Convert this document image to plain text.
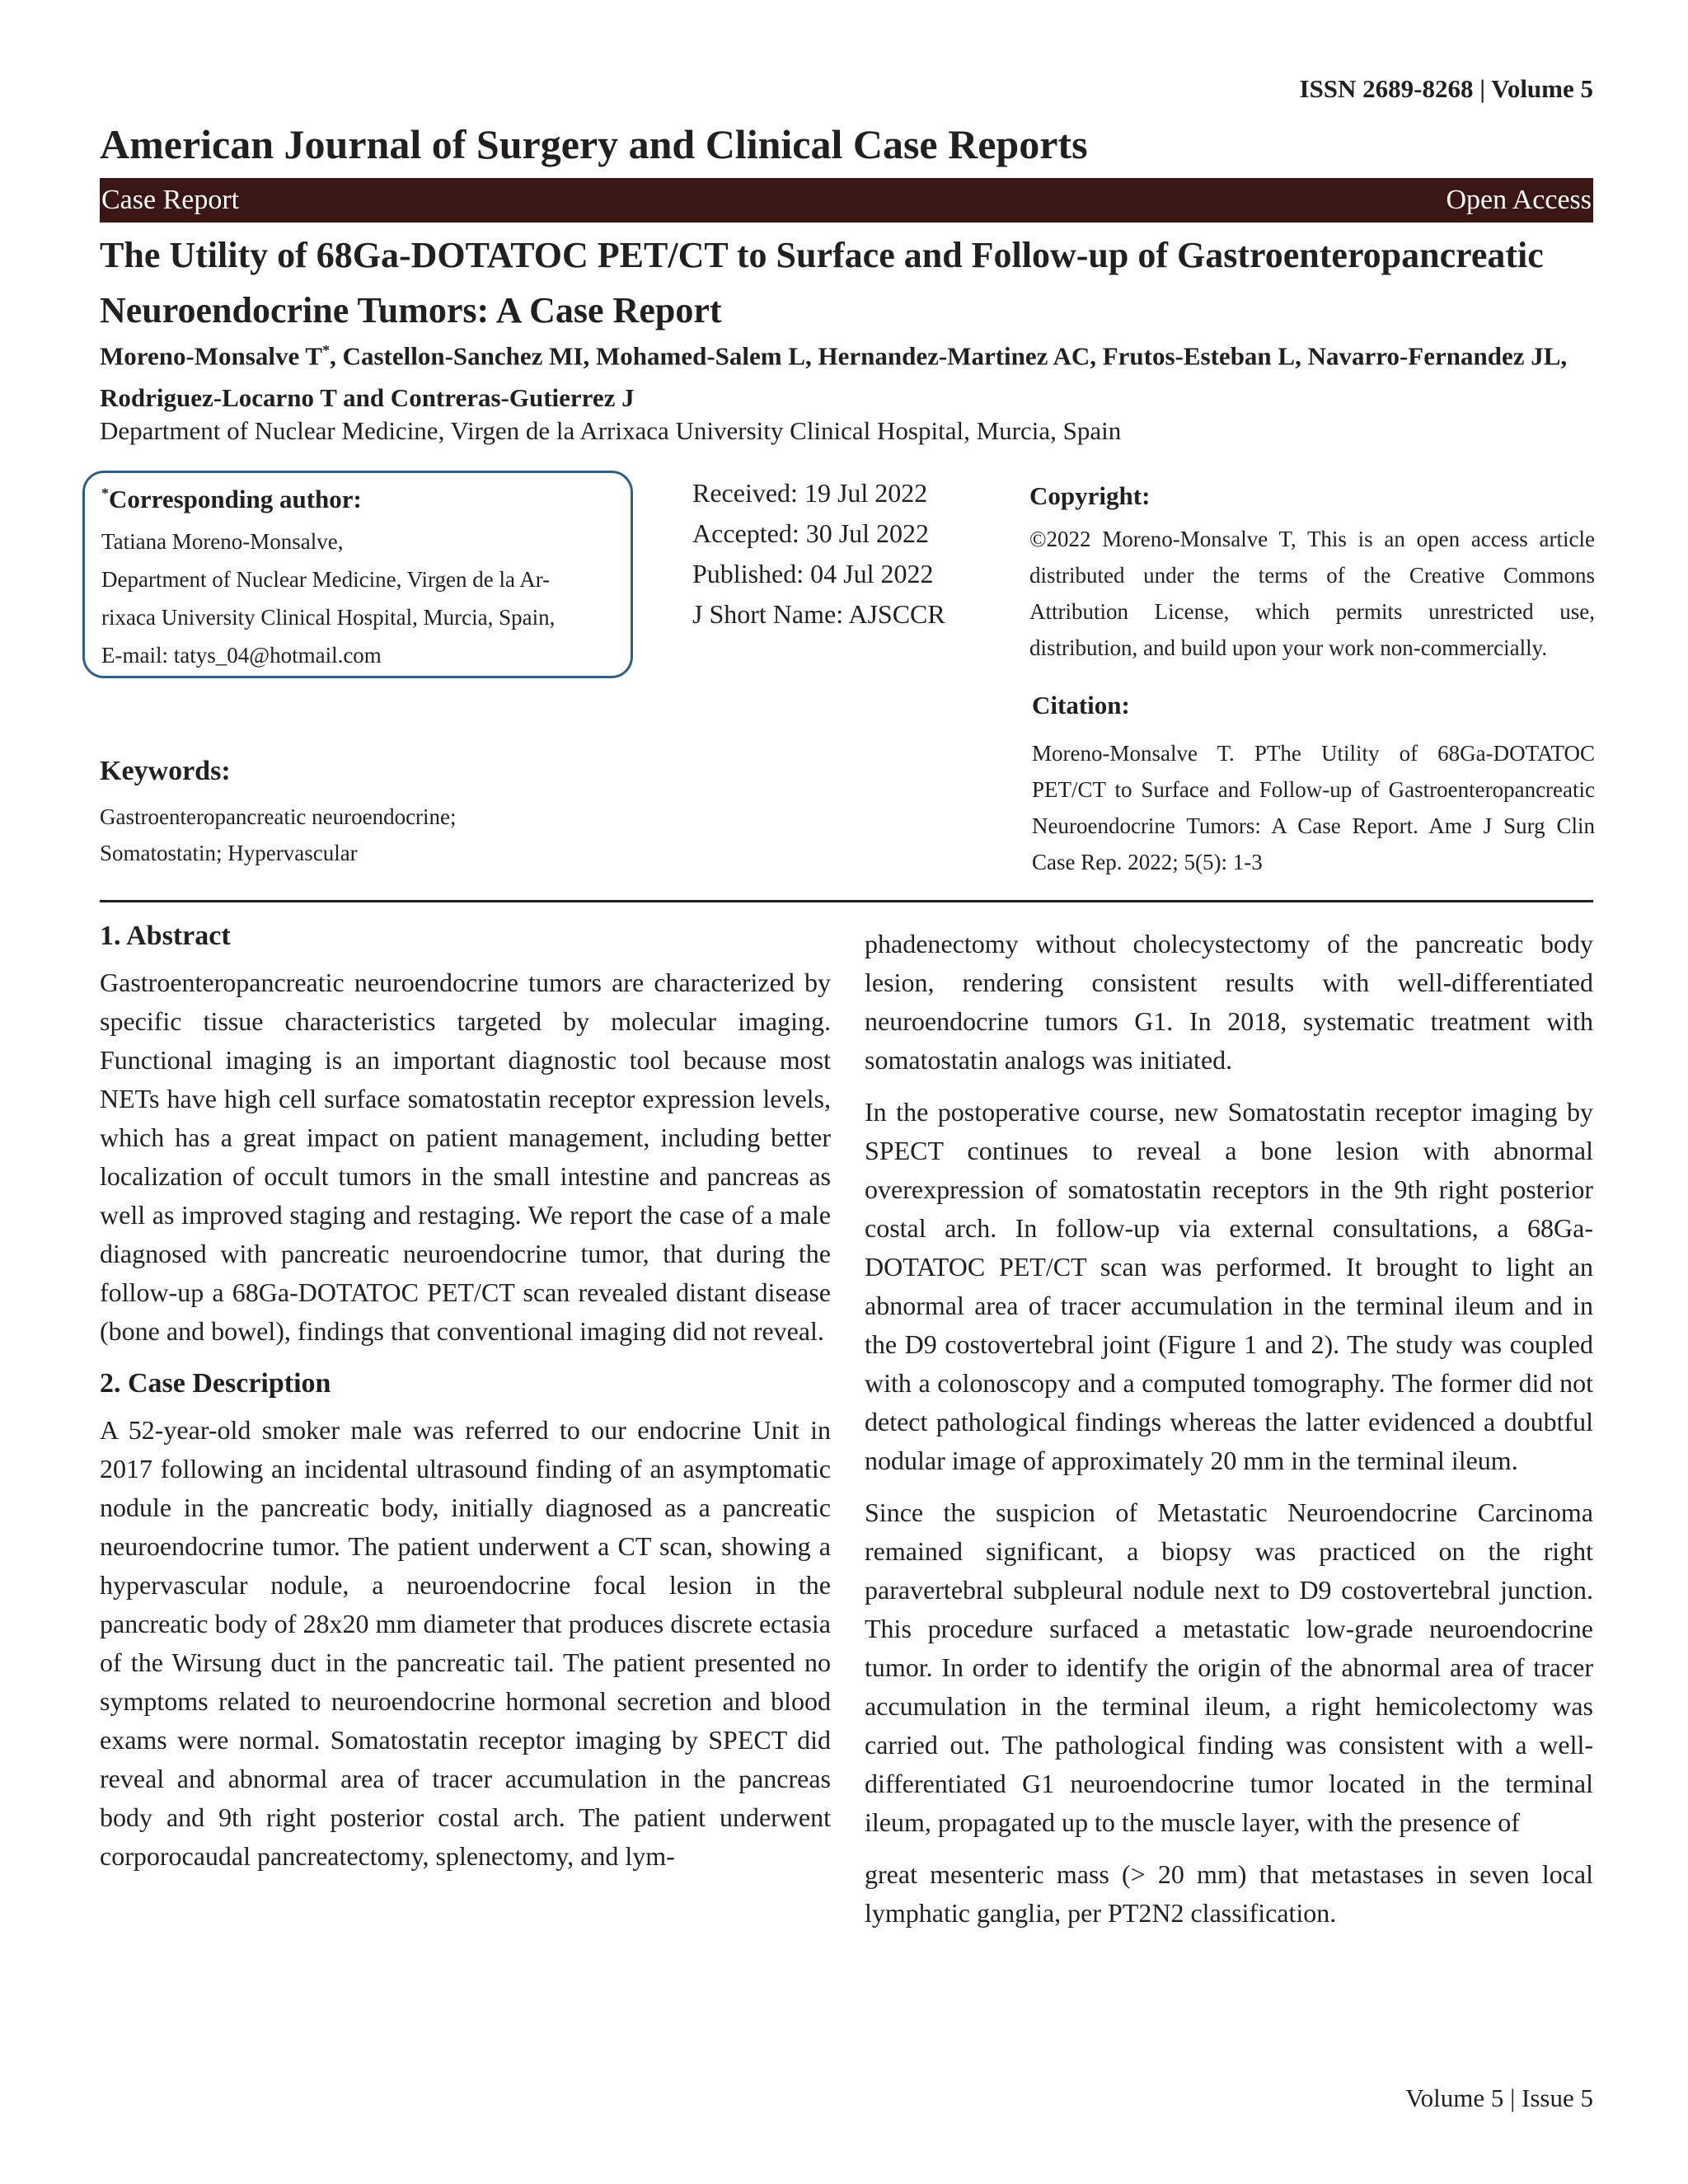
ISSN 2689-8268 | Volume 5
American Journal of Surgery and Clinical Case Reports
Case Report	Open Access
The Utility of 68Ga-DOTATOC PET/CT to Surface and Follow-up of Gastroenteropancreatic Neuroendocrine Tumors: A Case Report
Moreno-Monsalve T*, Castellon-Sanchez MI, Mohamed-Salem L, Hernandez-Martinez AC, Frutos-Esteban L, Navarro-Fernandez JL, Rodriguez-Locarno T and Contreras-Gutierrez J
Department of Nuclear Medicine, Virgen de la Arrixaca University Clinical Hospital, Murcia, Spain
*Corresponding author:
Tatiana Moreno-Monsalve,
Department of Nuclear Medicine, Virgen de la Ar-
rixaca University Clinical Hospital, Murcia, Spain,
E-mail: tatys_04@hotmail.com
Received: 19 Jul 2022
Accepted: 30 Jul 2022
Published: 04 Jul 2022
J Short Name: AJSCCR
Copyright:
©2022 Moreno-Monsalve T, This is an open access article distributed under the terms of the Creative Commons Attribution License, which permits unrestricted use, distribution, and build upon your work non-commercially.
Citation:
Moreno-Monsalve T. PThe Utility of 68Ga-DOTATOC PET/CT to Surface and Follow-up of Gastroenteropancreatic Neuroendocrine Tumors: A Case Report. Ame J Surg Clin Case Rep. 2022; 5(5): 1-3
Keywords:
Gastroenteropancreatic neuroendocrine;
Somatostatin; Hypervascular
1. Abstract

Gastroenteropancreatic neuroendocrine tumors are characterized by specific tissue characteristics targeted by molecular imaging. Functional imaging is an important diagnostic tool because most NETs have high cell surface somatostatin receptor expression levels, which has a great impact on patient management, including better localization of occult tumors in the small intestine and pancreas as well as improved staging and restaging. We report the case of a male diagnosed with pancreatic neuroendocrine tumor, that during the follow-up a 68Ga-DOTATOC PET/CT scan revealed distant disease (bone and bowel), findings that conventional imaging did not reveal.

2. Case Description

A 52-year-old smoker male was referred to our endocrine Unit in 2017 following an incidental ultrasound finding of an asymptomatic nodule in the pancreatic body, initially diagnosed as a pancreatic neuroendocrine tumor. The patient underwent a CT scan, showing a hypervascular nodule, a neuroendocrine focal lesion in the pancreatic body of 28x20 mm diameter that produces discrete ectasia of the Wirsung duct in the pancreatic tail. The patient presented no symptoms related to neuroendocrine hormonal secretion and blood exams were normal. Somatostatin receptor imaging by SPECT did reveal and abnormal area of tracer accumulation in the pancreas body and 9th right posterior costal arch. The patient underwent corporocaudal pancreatectomy, splenectomy, and lym-

phadenectomy without cholecystectomy of the pancreatic body lesion, rendering consistent results with well-differentiated neuroendocrine tumors G1. In 2018, systematic treatment with somatostatin analogs was initiated.

In the postoperative course, new Somatostatin receptor imaging by SPECT continues to reveal a bone lesion with abnormal overexpression of somatostatin receptors in the 9th right posterior costal arch. In follow-up via external consultations, a 68Ga-DOTATOC PET/CT scan was performed. It brought to light an abnormal area of tracer accumulation in the terminal ileum and in the D9 costovertebral joint (Figure 1 and 2). The study was coupled with a colonoscopy and a computed tomography. The former did not detect pathological findings whereas the latter evidenced a doubtful nodular image of approximately 20 mm in the terminal ileum.

Since the suspicion of Metastatic Neuroendocrine Carcinoma remained significant, a biopsy was practiced on the right paravertebral subpleural nodule next to D9 costovertebral junction. This procedure surfaced a metastatic low-grade neuroendocrine tumor. In order to identify the origin of the abnormal area of tracer accumulation in the terminal ileum, a right hemicolectomy was carried out. The pathological finding was consistent with a well-differentiated G1 neuroendocrine tumor located in the terminal ileum, propagated up to the muscle layer, with the presence of

great mesenteric mass (> 20 mm) that metastases in seven local lymphatic ganglia, per PT2N2 classification.

Volume 5 | Issue 5
